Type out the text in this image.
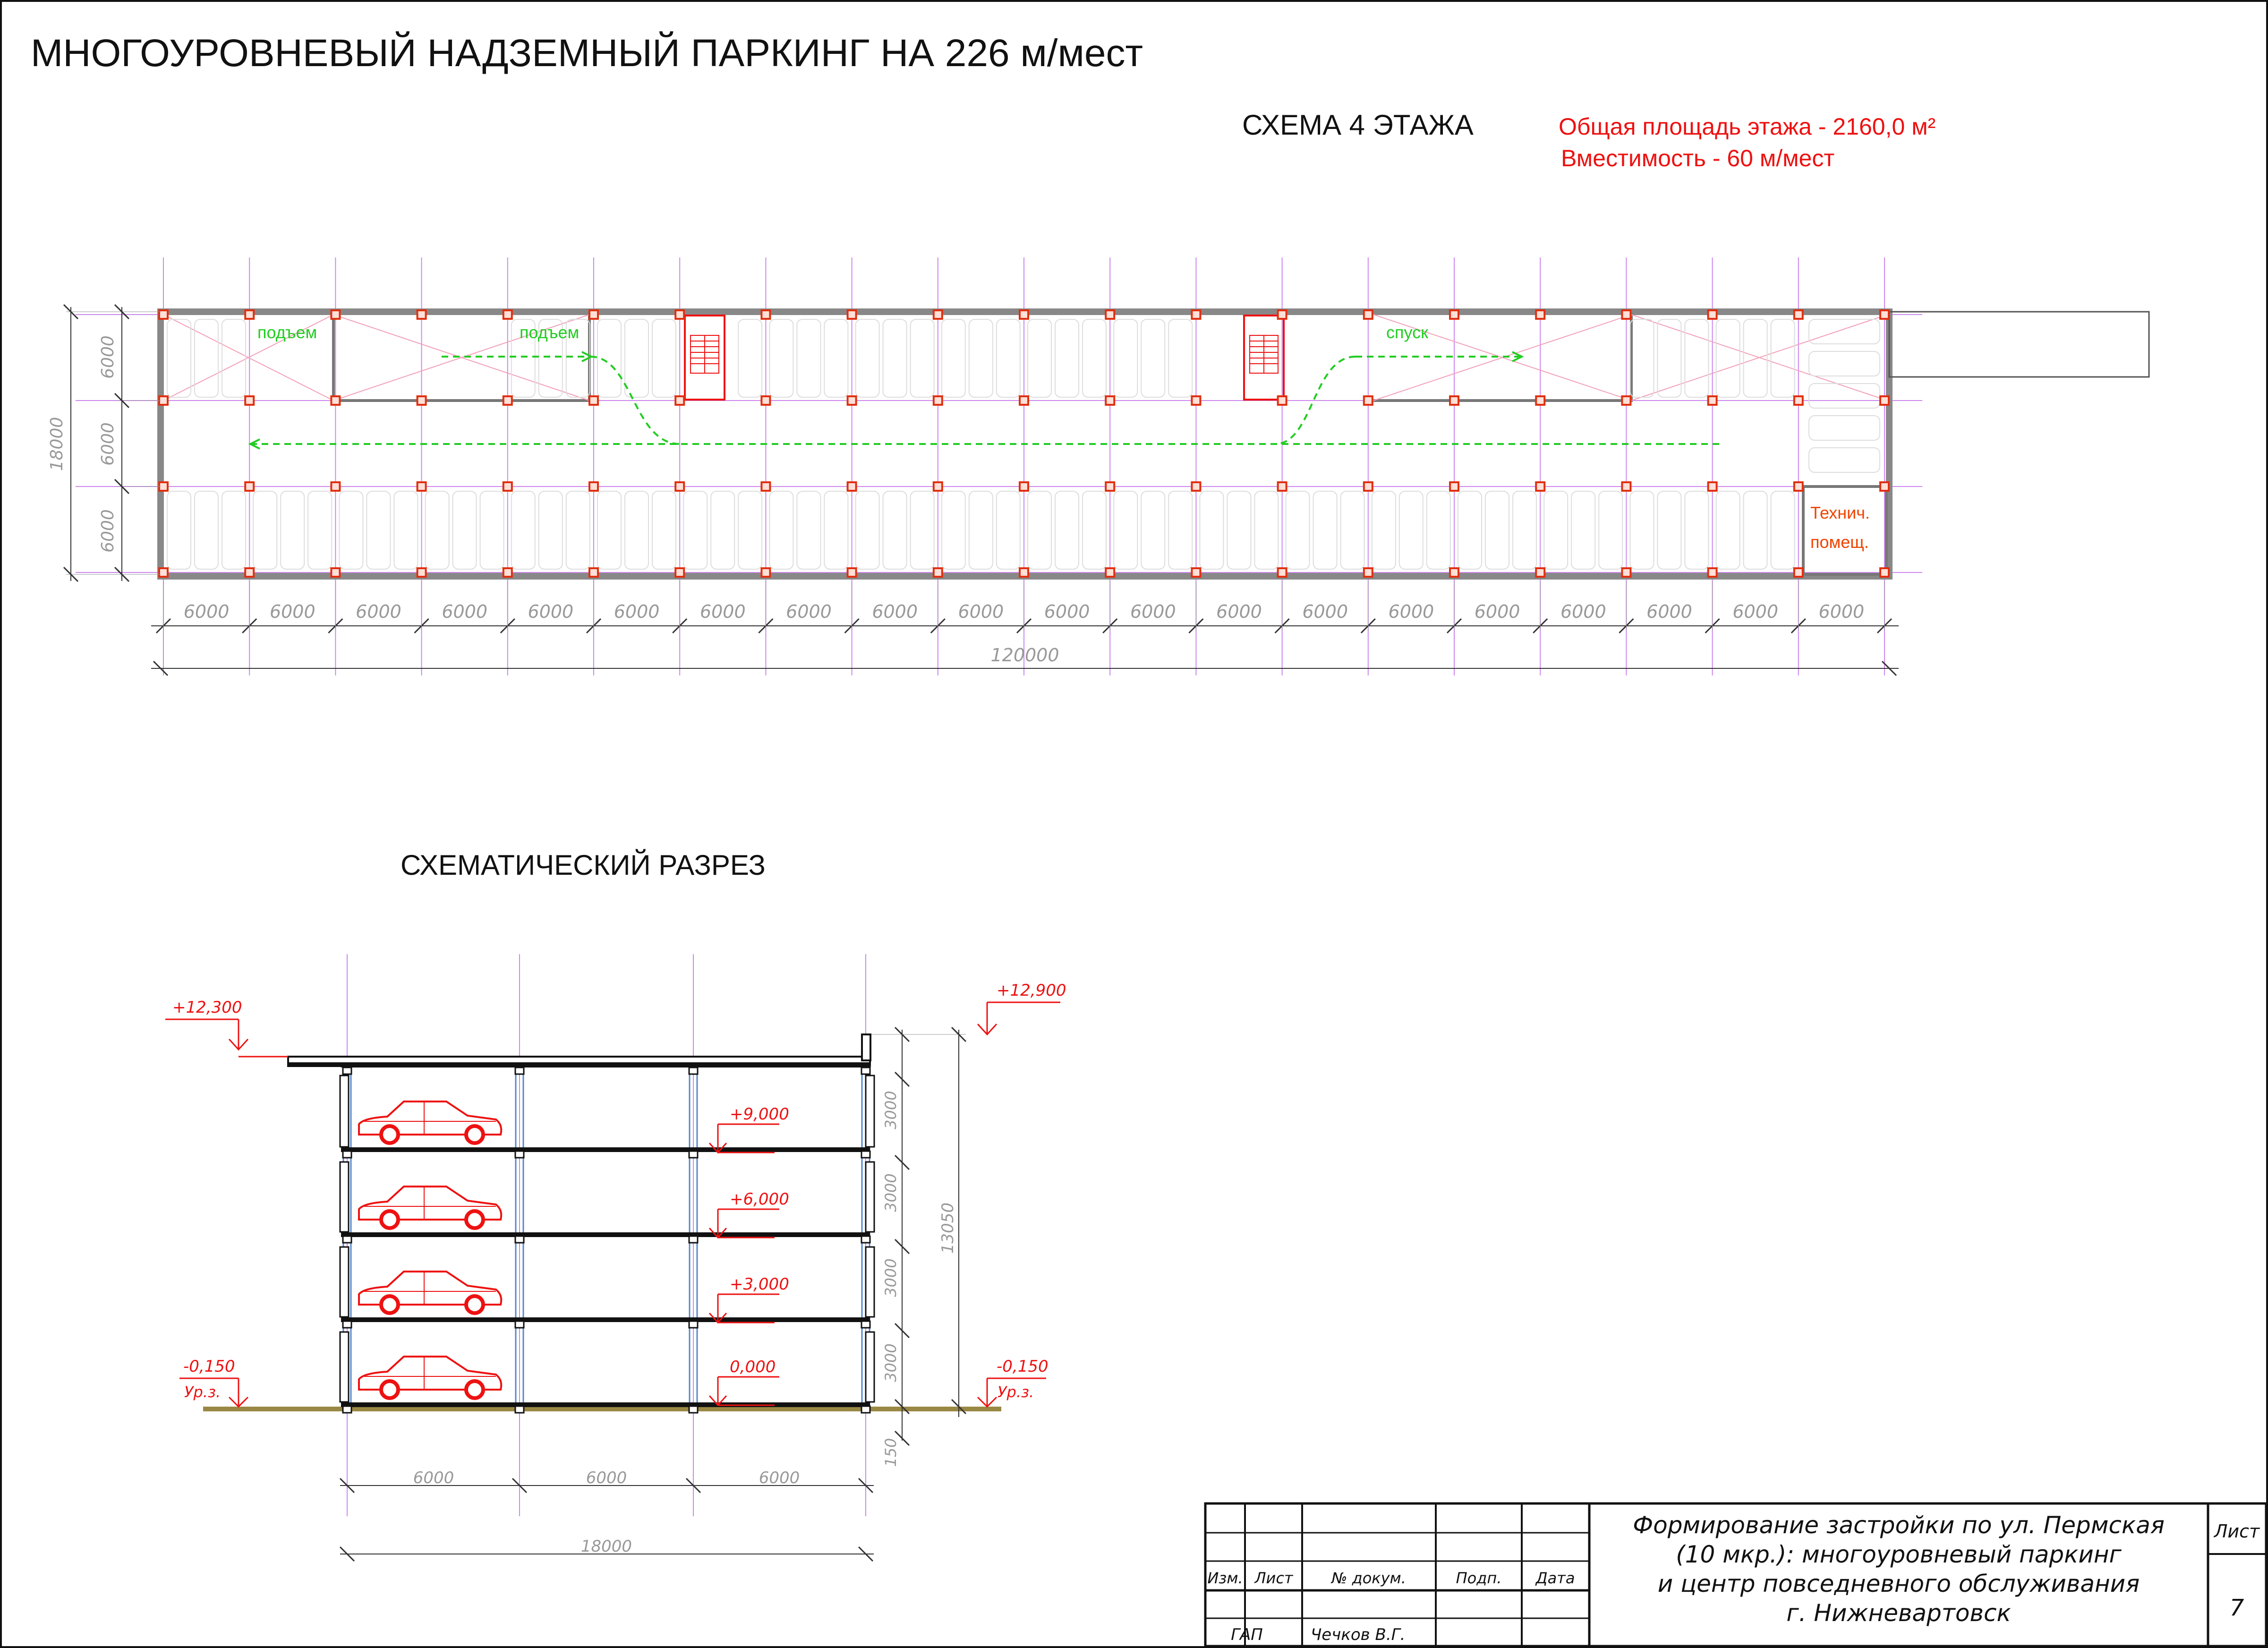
МНОГОУРОВНЕВЫЙ НАДЗЕМНЫЙ ПАРКИНГ НА 226 м/мест
СХЕМА 4 ЭТАЖА	Общая площадь этажа - 2160,0 м²
Вместимость - 60 м/мест
подъем	подъем	спуск
Технич.
помещ.
6000
6000
6000
18000
120000
6000 6000 6000 6000 6000 6000 6000 6000 6000 6000 6000 6000 6000 6000 6000 6000 6000 6000 6000 6000
СХЕМАТИЧЕСКИЙ РАЗРЕЗ
+9,000
+6,000
+3,000
0,000
+12,300
+12,900
-0,150
Ур.з.
-0,150
Ур.з.
3000
3000
3000
3000
150
13050
6000	6000	6000
18000
Изм. Лист	№ докум.	Подп. Дата
ГАП	Чечков В.Г.
Формирование застройки по ул. Пермская
(10 мкр.): многоуровневый паркинг
и центр повседневного обслуживания
г. Нижневартовск
Лист
7
